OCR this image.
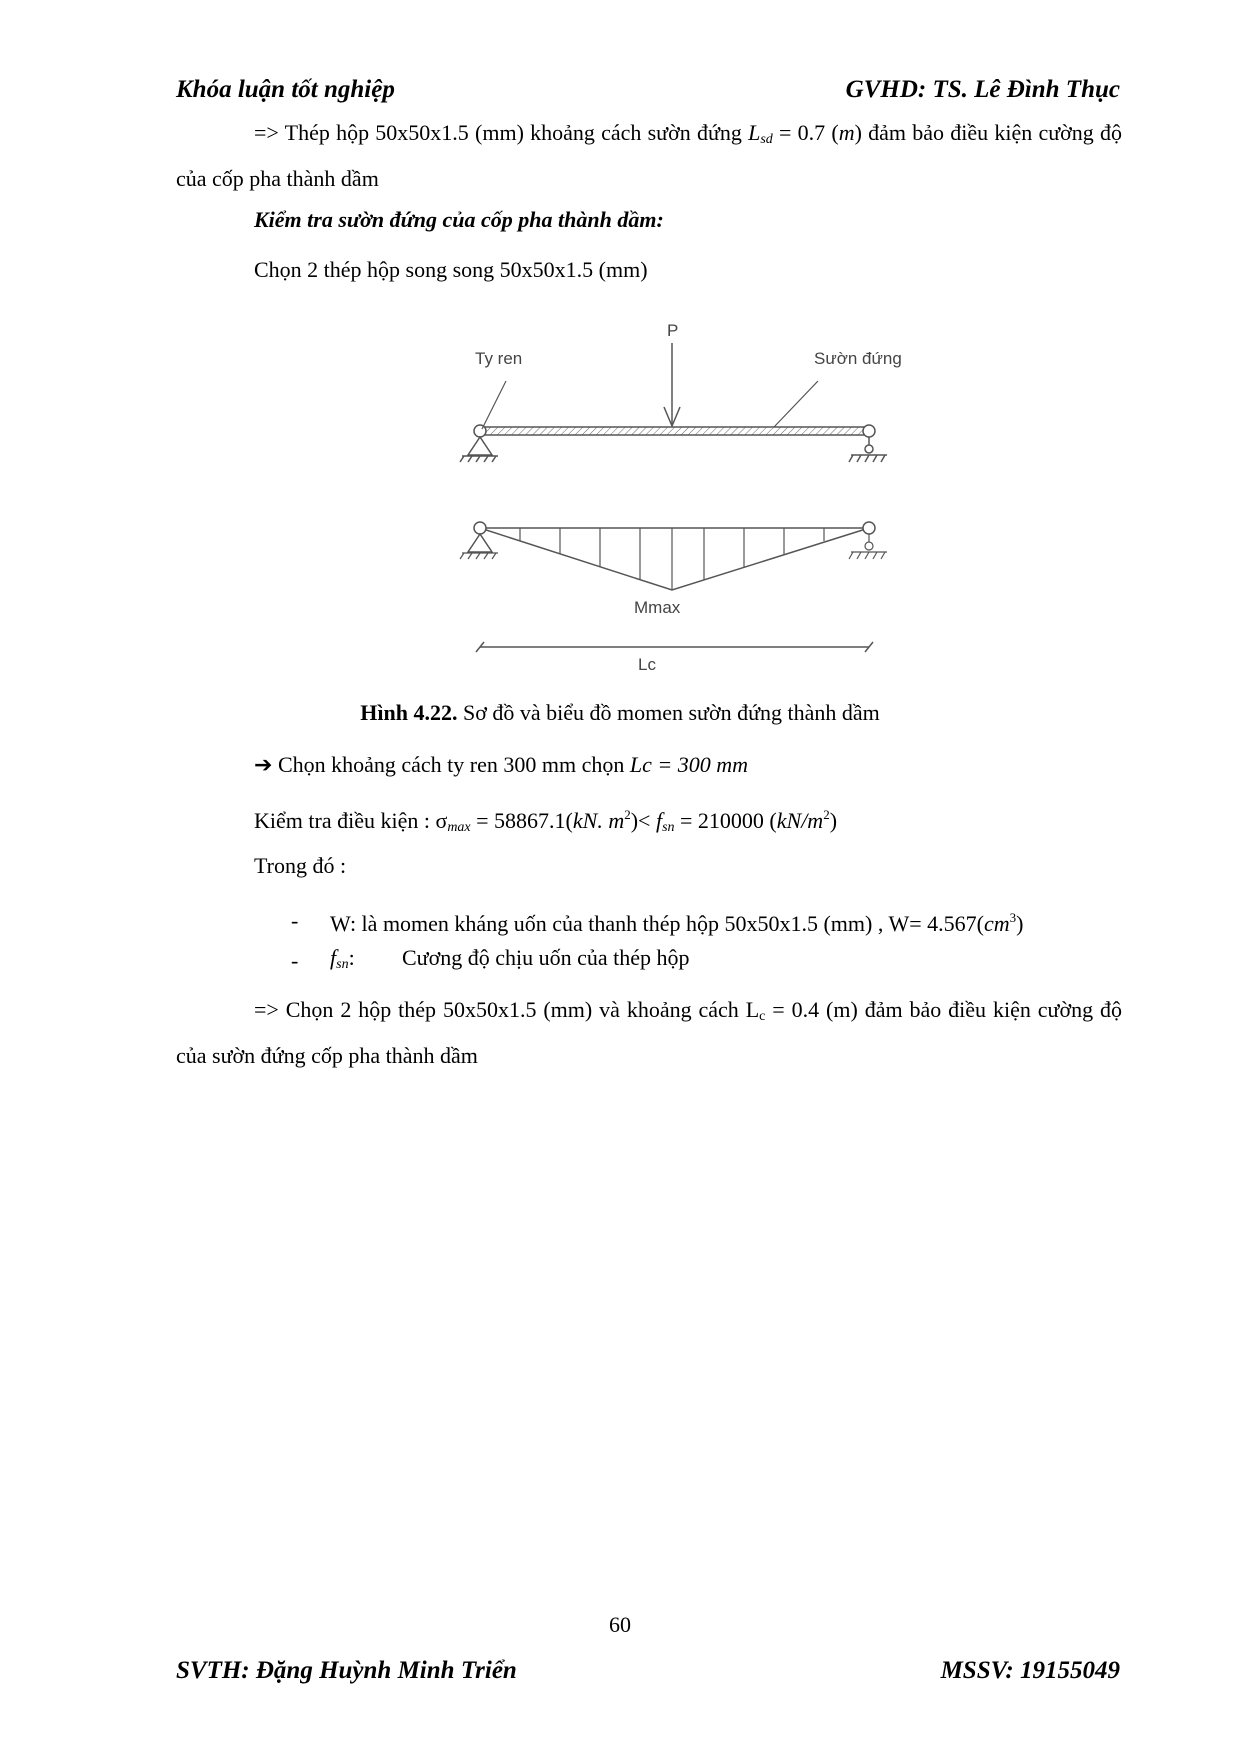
Khóa luận tốt nghiệp	GVHD: TS. Lê Đình Thục
=> Thép hộp 50x50x1.5 (mm) khoảng cách sườn đứng $L_{sd} = 0.7$ (m) đảm bảo điều kiện cường độ của cốp pha thành dầm
Kiểm tra sườn đứng của cốp pha thành dầm:
Chọn 2 thép hộp song song 50x50x1.5 (mm)
P
Ty ren	Sườn đứng
Mmax
Lc
Hình 4.22. Sơ đồ và biểu đồ momen sườn đứng thành dầm
➔ Chọn khoảng cách ty ren 300 mm chọn Lc = 300 mm
Kiểm tra điều kiện : $\sigma_{max} = 58867.1(kN$. $m^2)< f_{sn} = 210000$ $(kN/m^2)$
Trong đó :
- W: là momen kháng uốn của thanh thép hộp 50x50x1.5 (mm) , $W= 4.567(cm^3)$
- $f_{sn}$: Cương độ chịu uốn của thép hộp
=> Chọn 2 hộp thép 50x50x1.5 (mm) và khoảng cách $L_c = 0.4$ (m) đảm bảo điều kiện cường độ của sườn đứng cốp pha thành dầm
60
SVTH: Đặng Huỳnh Minh Triển	MSSV: 19155049
